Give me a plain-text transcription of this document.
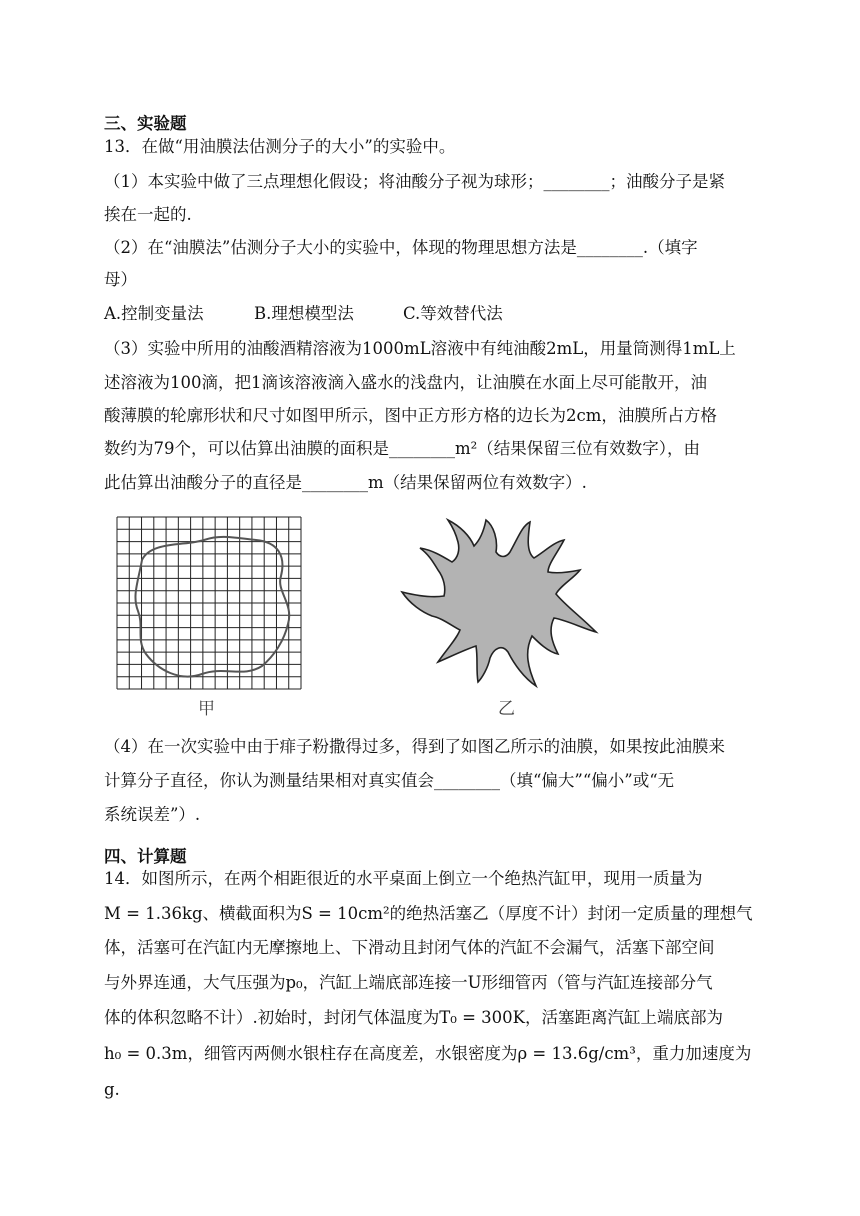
三、实验题
13．在做“用油膜法估测分子的大小”的实验中。
（1）本实验中做了三点理想化假设；将油酸分子视为球形；________；油酸分子是紧
挨在一起的.
（2）在“油膜法”估测分子大小的实验中，体现的物理思想方法是________.（填字
母）
A.控制变量法	B.理想模型法	C.等效替代法
（3）实验中所用的油酸酒精溶液为1000mL溶液中有纯油酸2mL，用量筒测得1mL上
述溶液为100滴，把1滴该溶液滴入盛水的浅盘内，让油膜在水面上尽可能散开，油
酸薄膜的轮廓形状和尺寸如图甲所示，图中正方形方格的边长为2cm，油膜所占方格
数约为79个，可以估算出油膜的面积是________m²（结果保留三位有效数字），由
此估算出油酸分子的直径是________m（结果保留两位有效数字）.
甲	乙
（4）在一次实验中由于痱子粉撒得过多，得到了如图乙所示的油膜，如果按此油膜来
计算分子直径，你认为测量结果相对真实值会________（填“偏大”“偏小”或“无
系统误差”）.
四、计算题
14．如图所示，在两个相距很近的水平桌面上倒立一个绝热汽缸甲，现用一质量为
M = 1.36kg、横截面积为S = 10cm²的绝热活塞乙（厚度不计）封闭一定质量的理想气
体，活塞可在汽缸内无摩擦地上、下滑动且封闭气体的汽缸不会漏气，活塞下部空间
与外界连通，大气压强为p₀，汽缸上端底部连接一U形细管丙（管与汽缸连接部分气
体的体积忽略不计）.初始时，封闭气体温度为T₀ = 300K，活塞距离汽缸上端底部为
h₀ = 0.3m，细管丙两侧水银柱存在高度差，水银密度为ρ = 13.6g/cm³，重力加速度为
g.
